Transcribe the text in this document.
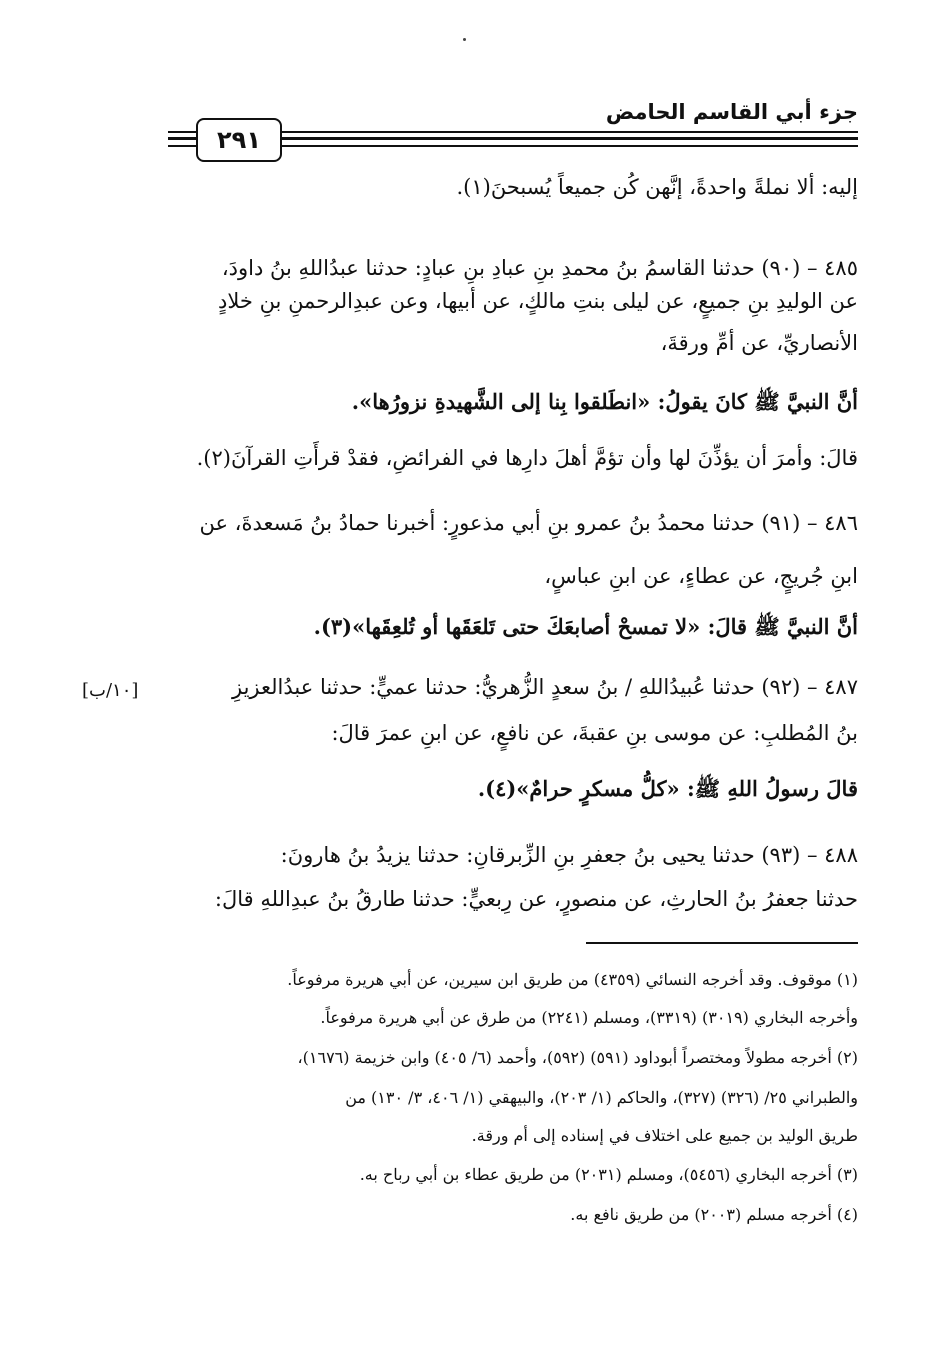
٢٩١
جزء أبي القاسم الحامض
إليه: ألا نملةً واحدةً، إنَّهن كُن جميعاً يُسبحنَ(١).
٤٨٥ – (٩٠) حدثنا القاسمُ بنُ محمدِ بنِ عبادِ بنِ عبادٍ: حدثنا عبدُاللهِ بنُ داودَ،
عن الوليدِ بنِ جميعٍ، عن ليلى بنتِ مالكٍ، عن أبيها، وعن عبدِالرحمنِ بنِ خلادٍ
الأنصاريِّ، عن أمِّ ورقةَ،
أنَّ النبيَّ ﷺ كانَ يقولُ: «انطَلقوا بِنا إلى الشَّهيدةِ نزورُها».
قالَ: وأمرَ أن يؤذِّنَ لها وأن تؤمَّ أهلَ دارِها في الفرائضِ، فقدْ قرأَتِ القرآنَ(٢).
٤٨٦ – (٩١) حدثنا محمدُ بنُ عمرو بنِ أبي مذعورٍ: أخبرنا حمادُ بنُ مَسعدةَ، عن
ابنِ جُريجٍ، عن عطاءٍ، عن ابنِ عباسٍ،
أنَّ النبيَّ ﷺ قالَ: «لا تمسحْ أصابعَكَ حتى تَلعَقَها أو تُلعِقَها»(٣).
٤٨٧ – (٩٢) حدثنا عُبيدُاللهِ / بنُ سعدٍ الزُّهريُّ: حدثنا عميٍّ: حدثنا عبدُالعزيزِ
[١٠/ب]
بنُ المُطلبِ: عن موسى بنِ عقبةَ، عن نافعٍ، عن ابنِ عمرَ قالَ:
قالَ رسولُ اللهِ ﷺ: «كلُّ مسكرٍ حرامٌ»(٤).
٤٨٨ – (٩٣) حدثنا يحيى بنُ جعفرِ بنِ الزِّبرقانِ: حدثنا يزيدُ بنُ هارونَ:
حدثنا جعفرُ بنُ الحارثِ، عن منصورٍ، عن رِبعيٍّ: حدثنا طارقُ بنُ عبدِاللهِ قالَ:
(١) موقوف. وقد أخرجه النسائي (٤٣٥٩) من طريق ابن سيرين، عن أبي هريرة مرفوعاً.
وأخرجه البخاري (٣٠١٩) (٣٣١٩)، ومسلم (٢٢٤١) من طرق عن أبي هريرة مرفوعاً.
(٢) أخرجه مطولاً ومختصراً أبوداود (٥٩١) (٥٩٢)، وأحمد (٦/ ٤٠٥) وابن خزيمة (١٦٧٦)،
والطبراني ٢٥/ (٣٢٦) (٣٢٧)، والحاكم (١/ ٢٠٣)، والبيهقي (١/ ٤٠٦، ٣/ ١٣٠) من
طريق الوليد بن جميع على اختلاف في إسناده إلى أم ورقة.
(٣) أخرجه البخاري (٥٤٥٦)، ومسلم (٢٠٣١) من طريق عطاء بن أبي رباح به.
(٤) أخرجه مسلم (٢٠٠٣) من طريق نافع به.
